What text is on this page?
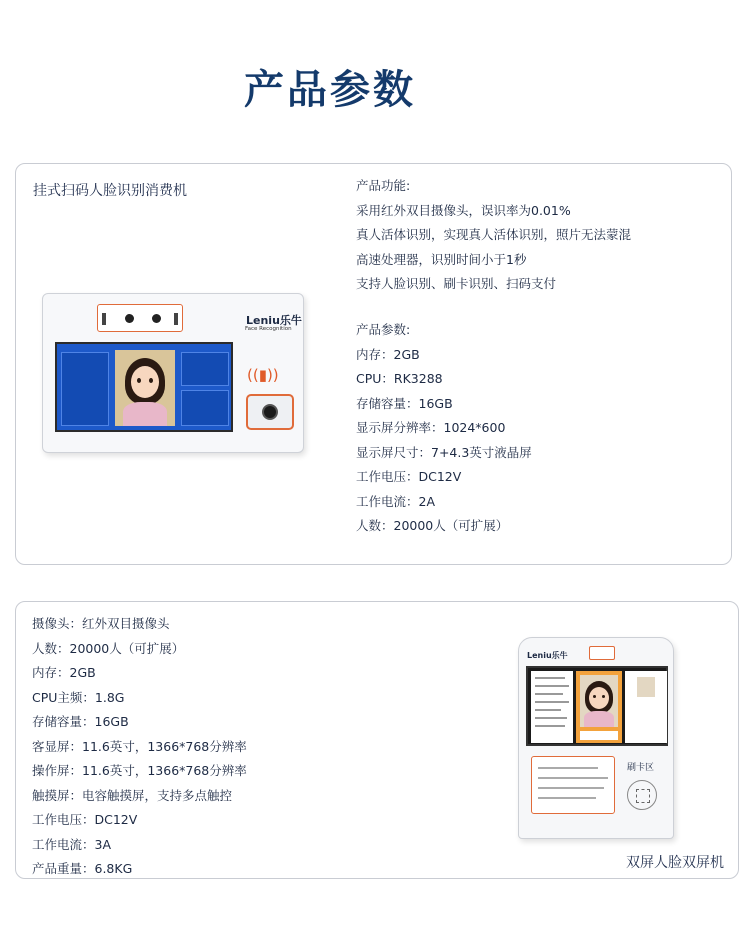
产品参数
挂式扫码人脸识别消费机	产品功能:
采用红外双目摄像头，误识率为0.01%
真人活体识别，实现真人活体识别，照片无法蒙混
高速处理器，识别时间小于1秒
支持人脸识别、刷卡识别、扫码支付
产品参数:
内存：2GB
CPU：RK3288
存储容量：16GB
显示屏分辨率：1024*600
显示屏尺寸：7+4.3英寸液晶屏
工作电压：DC12V
工作电流：2A
人数：20000人（可扩展）
Leniu乐牛
Face Recognition
((▮))
摄像头：红外双目摄像头
人数：20000人（可扩展）
内存：2GB
CPU主频：1.8G
存储容量：16GB
客显屏：11.6英寸，1366*768分辨率
操作屏：11.6英寸，1366*768分辨率
触摸屏：电容触摸屏，支持多点触控
工作电压：DC12V
工作电流：3A
产品重量：6.8KG
Leniu乐牛
刷卡区
双屏人脸双屏机
